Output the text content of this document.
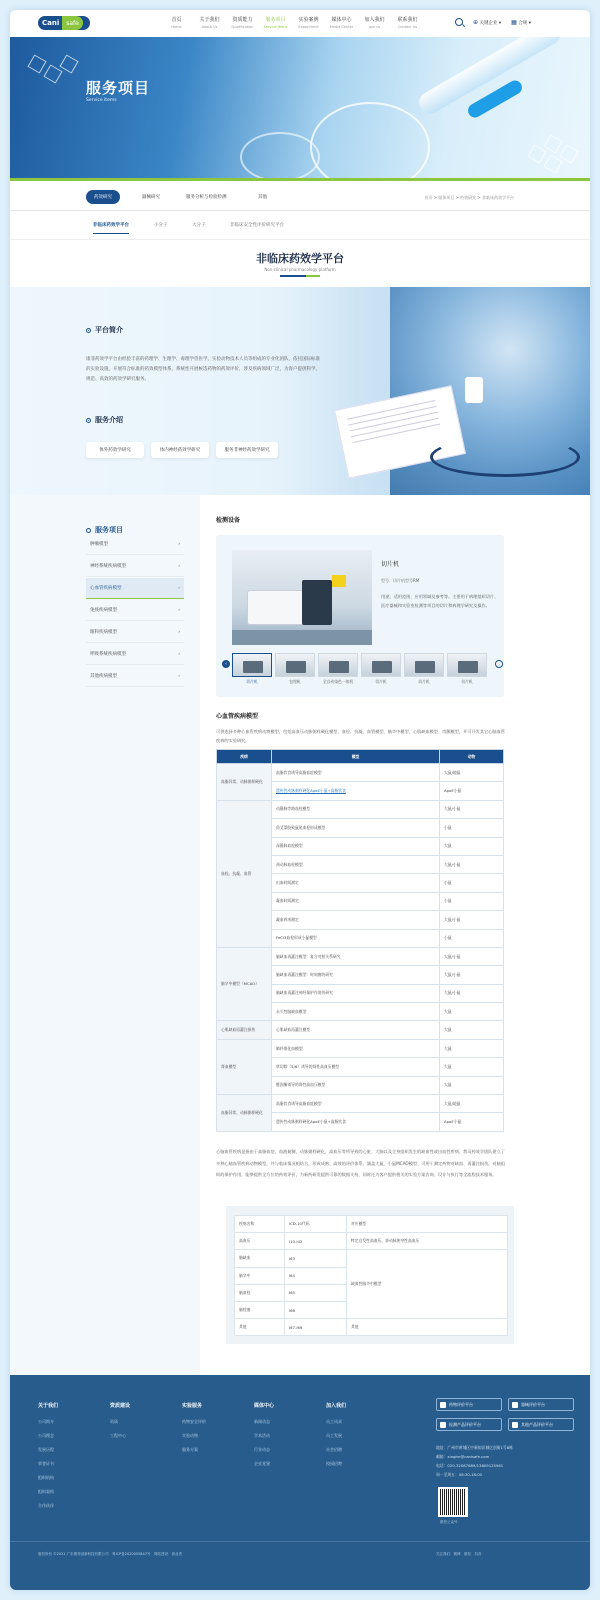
Cani	safe	首页
Home
关于我们
About Us
资质能力
Qualification
服务项目
Service items
实验案例
Experiment
媒体中心
Media Center
加入我们
Join us
联系我们
Contact Us
⊕ 关键企业 ▾ ▦ 合规 ▾
服务项目
Service items
药效研究	器械研究	服务分析与检验检测	其他	首页 > 服务项目 > 药效研究 > 非临床药效学平台
非临床药效学平台	小分子	大分子	非临床安全性评价研究平台
非临床药效学平台
Non-clinical pharmacology platform
平台简介
康菲药效学平台由经验丰富的药理学、生理学、毒理学兽医学、实验动物技术人员等组成的专业化团队，依托国际标准的实验设施，开展符合标准的药效模型体系、系统性开展候选药物的药效评价，涉及疾病领域广泛，为客户提供科学、规范、高效的药效学研究服务。
服务介绍
体外药效学研究	体内神经药效学研究	服务非神经药效学研究
服务项目
肿瘤模型	›
神经系统疾病模型	›
心血管疾病模型	›
免疫疾病模型	›
眼科疾病模型	›
呼吸系统疾病模型	›
其他疾病模型	›
检测设备
切片机
型号：切片机型号RM
用途、适用范围、应用领域及参考等。主要用于病理组织切片、医疗器械和实验室检测等项目的切片和病理学研究及操作。
‹	›
切片机	包埋机	全自动染色一体机	切片机	切片机	切片机
心血管疾病模型
可供选择多种心血管疾病动物模型，包括高血压动脉粥样硬化模型、血栓、抗凝、血管模型、脑卒中模型、心肌缺血模型、房颤模型，并可开发其它心脑血管疾病的实验研究。
疾病	模型	动物
血脂异常、动脉粥样硬化	高脂饮食诱导高脂血症模型	大鼠/地鼠
	遗传性动脉粥样硬化ApoE小鼠+高脂饮食	ApoE小鼠
血栓、抗凝、血管	动静脉旁路血栓模型	大鼠/小鼠
	角叉菜胶致鼠尾血栓形成模型	小鼠
	深静脉血栓模型	大鼠
	颈动脉血栓模型	大鼠/小鼠
	出血时间测定	小鼠
	凝血时间测定	小鼠
	凝血四项测定	大鼠/小鼠
	FeCl3血栓形成小鼠模型	小鼠
脑卒中模型（MCAO）	脑缺血再灌注模型：复合对照关系研究	大鼠/小鼠
	脑缺血再灌注模型：时间窗的研究	大鼠/小鼠
	脑缺血再灌注神经保护作用的研究	大鼠/小鼠
	永久性脑缺血模型	大鼠
心肌缺血再灌注损伤	心肌缺血再灌注模型	大鼠
肾血模型	肺纤维化血模型	大鼠
	草切除（5/6）诱导的肾性高血压模型	大鼠
	醛固酮诱导的肾性高血压模型	大鼠
血脂异常、动脉粥样硬化	高脂饮食诱导高脂血症模型	大鼠/地鼠
	遗传性动脉粥样硬化ApoE小鼠+高脂饮食	ApoE小鼠
心脑血管疾病是指由于高脂血症、血液黏稠、动脉粥样硬化、高血压等所导致的心脏、大脑以及全身组织发生的缺血性或出血性疾病。我司药效学团队建立了多种心脑血管疾病动物模型，并与临床情况相结合，形成成熟、高效的评价体系。涵盖大鼠、小鼠MCAO模型、可用于测定药物对缺血、再灌注损伤，对脑组织的保护作用，能够提供全方位的药效评价，为新药研发提供可靠的数据支持，同时还为客户提供相关的实验方案咨询、设计与执行等全流程技术服务。
疾病名称	ICD-10代码	对应模型
高血压	I10-I42	特定自发性高血压、肾动脉狭窄性高血压
脑缺血	I63	缺血性脑卒中模型
脑卒中	I64	
脑血栓	I65	
脑栓塞	I66	
其他	I67-I69	其他
关于我们
公司简介
公司理念
发展历程
荣誉证书
组织机构
组织架构
合作伙伴
资质建设
资质
工程中心
实验服务
药物安全评价
实验动物
服务方案
媒体中心
新闻动态
学术活动
行业动态
企业党建
加入我们
员工风采
员工发展
社会招聘
校园招聘
药物评价平台	器械评价平台
检测产品评价平台	其他产品评价平台
地址：广州市黄埔区中新知识城亿创街1号8栋
邮箱：xinghn@canisafe.com
电话：020-32087689/13609125961
周一至周五：08:30-18:00
微信公众号
版权所有 ©2021 广东康菲创新科技有限公司　粤ICP备2020055847号　网站建设：创业者	关注我们：微博　微信　抖音
